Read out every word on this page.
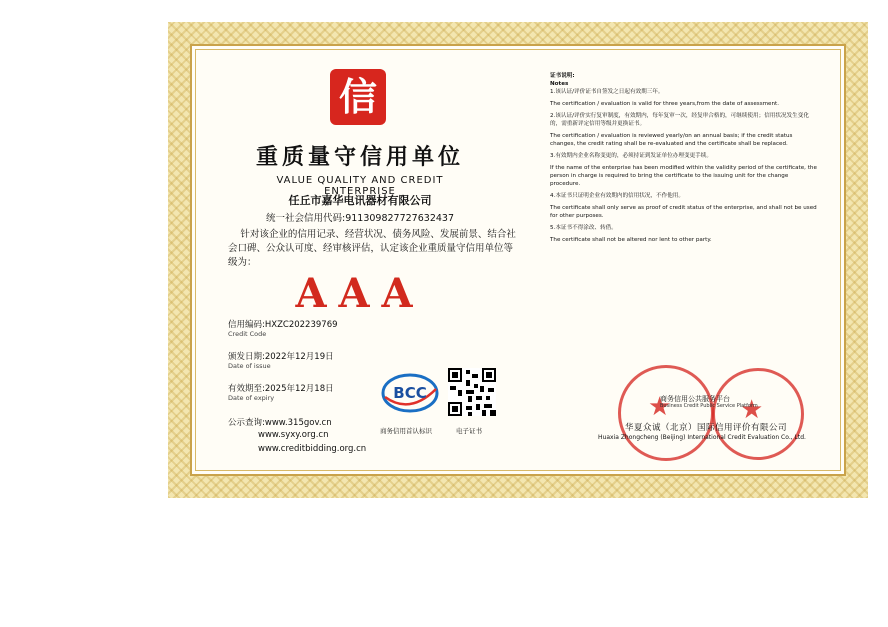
信
重质量守信用单位
VALUE QUALITY AND CREDIT ENTERPRISE
任丘市嘉华电讯器材有限公司
统一社会信用代码:911309827727632437
针对该企业的信用记录、经营状况、债务风险、发展前景、结合社会口碑、公众认可度、经审核评估，认定该企业重质量守信用单位等级为：
AAA
信用编码:HXZC202239769
Credit Code
颁发日期:2022年12月19日
Date of issue
有效期至:2025年12月18日
Date of expiry
公示查询:www.315gov.cn
www.syxy.org.cn
www.creditbidding.org.cn
BCC
商务信用首认标识	电子证书

证书说明:

Notes

1.该认证/评价证书自签发之日起有效期三年。

The certification / evaluation is valid for three years,from the date of assessment.

2.该认证/评价实行复审制度，有效期内，每年复审一次，经复审合格的，可继续使用；信用状况发生变化的，需重新评定信用等级并更换证书。

The certification / evaluation is reviewed yearly/on an annual basis; if the credit status changes, the credit rating shall be re-evaluated and the certificate shall be replaced.

3.有效期内企业名称变更的，必须持证到发证单位办理变更手续。

If the name of the enterprise has been modified within the validity period of the certificate, the person in charge is required to bring the certificate to the issuing unit for the change procedure.

4.本证书只证明企业有效期内的信用状况，不作他用。

The certificate shall only serve as proof of credit status of the enterprise, and shall not be used for other purposes.

5.本证书不得涂改、转借。

The certificate shall not be altered nor lent to other party.

★	★
商务信用公共服务平台
Business Credit Public Service Platform
华夏众诚（北京）国际信用评价有限公司
Huaxia Zhongcheng (Beijing) International Credit Evaluation Co., Ltd.
